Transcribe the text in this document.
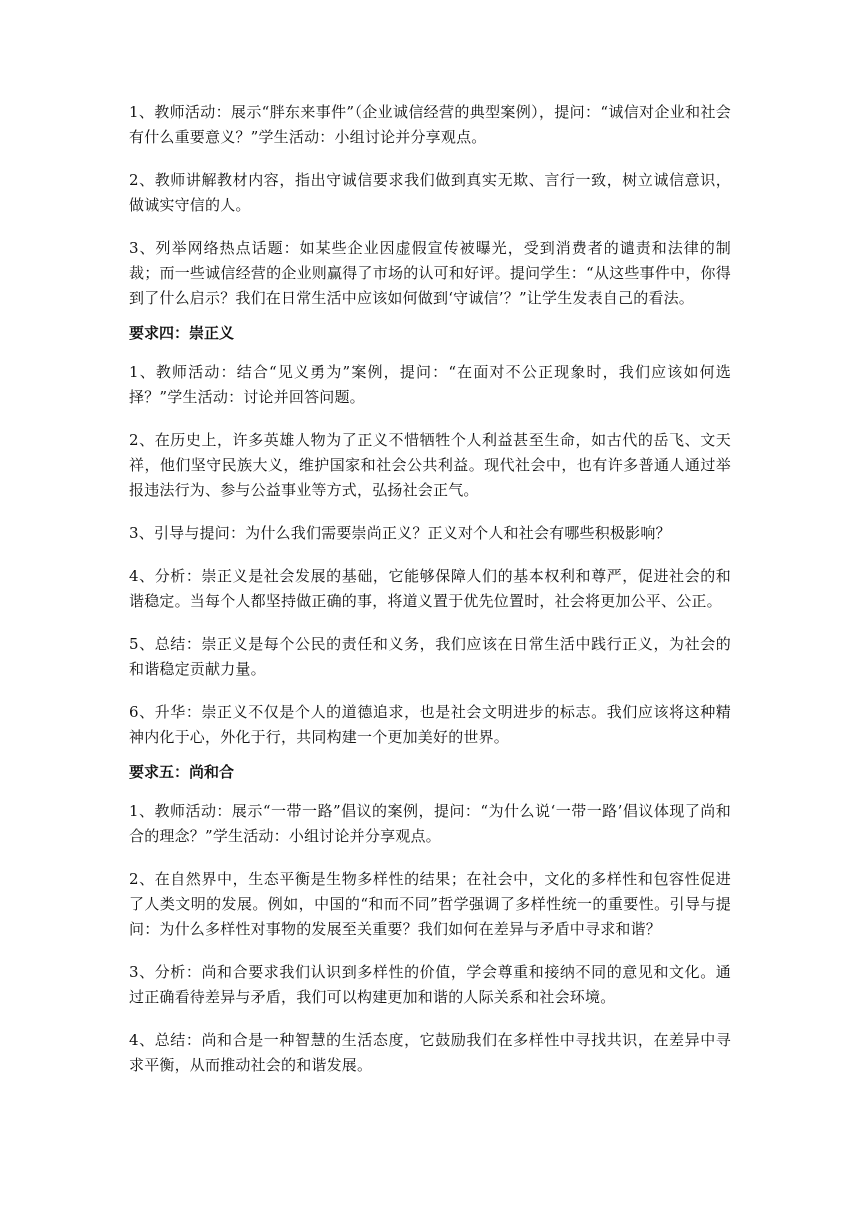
1、教师活动：展示“胖东来事件”（企业诚信经营的典型案例），提问：“诚信对企业和社会有什么重要意义？”学生活动：小组讨论并分享观点。

2、教师讲解教材内容，指出守诚信要求我们做到真实无欺、言行一致，树立诚信意识，做诚实守信的人。

3、列举网络热点话题：如某些企业因虚假宣传被曝光，受到消费者的谴责和法律的制裁；而一些诚信经营的企业则赢得了市场的认可和好评。提问学生：“从这些事件中，你得到了什么启示？我们在日常生活中应该如何做到‘守诚信’？”让学生发表自己的看法。

要求四：崇正义

1、教师活动：结合“见义勇为”案例，提问：“在面对不公正现象时，我们应该如何选择？”学生活动：讨论并回答问题。

2、在历史上，许多英雄人物为了正义不惜牺牲个人利益甚至生命，如古代的岳飞、文天祥，他们坚守民族大义，维护国家和社会公共利益。现代社会中，也有许多普通人通过举报违法行为、参与公益事业等方式，弘扬社会正气。

3、引导与提问：为什么我们需要崇尚正义？正义对个人和社会有哪些积极影响？

4、分析：崇正义是社会发展的基础，它能够保障人们的基本权利和尊严，促进社会的和谐稳定。当每个人都坚持做正确的事，将道义置于优先位置时，社会将更加公平、公正。

5、总结：崇正义是每个公民的责任和义务，我们应该在日常生活中践行正义，为社会的和谐稳定贡献力量。

6、升华：崇正义不仅是个人的道德追求，也是社会文明进步的标志。我们应该将这种精神内化于心，外化于行，共同构建一个更加美好的世界。

要求五：尚和合

1、教师活动：展示“一带一路”倡议的案例，提问：“为什么说‘一带一路’倡议体现了尚和合的理念？”学生活动：小组讨论并分享观点。

2、在自然界中，生态平衡是生物多样性的结果；在社会中，文化的多样性和包容性促进了人类文明的发展。例如，中国的“和而不同”哲学强调了多样性统一的重要性。引导与提问：为什么多样性对事物的发展至关重要？我们如何在差异与矛盾中寻求和谐？

3、分析：尚和合要求我们认识到多样性的价值，学会尊重和接纳不同的意见和文化。通过正确看待差异与矛盾，我们可以构建更加和谐的人际关系和社会环境。

4、总结：尚和合是一种智慧的生活态度，它鼓励我们在多样性中寻找共识，在差异中寻求平衡，从而推动社会的和谐发展。
